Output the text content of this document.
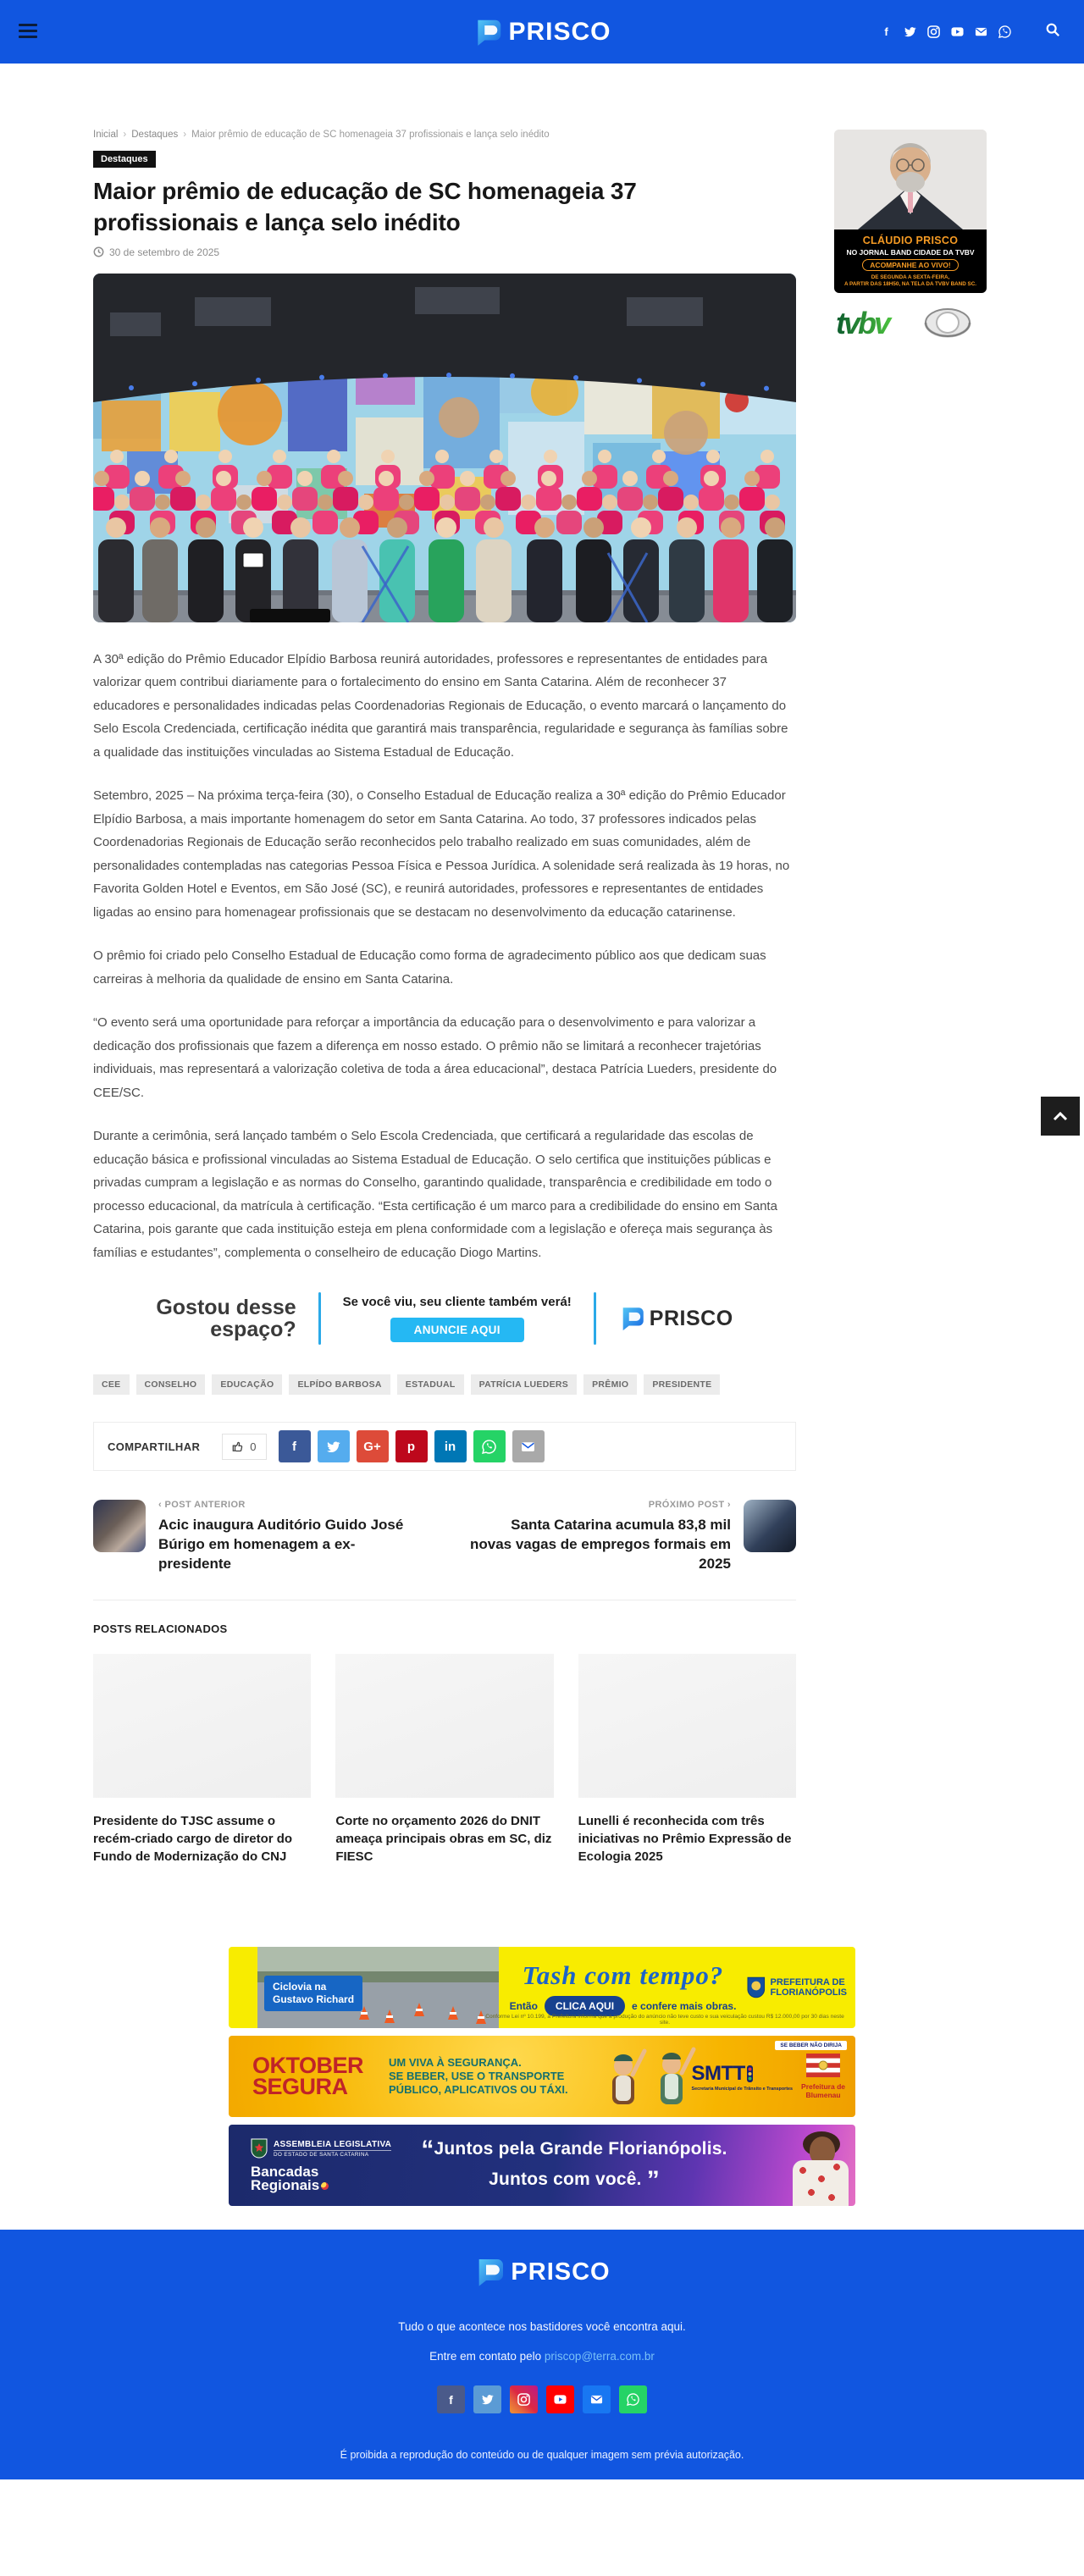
PRISCO	f
Inicial › Destaques › Maior prêmio de educação de SC homenageia 37 profissionais e lança selo inédito
Destaques
Maior prêmio de educação de SC homenageia 37 profissionais e lança selo inédito
30 de setembro de 2025

A 30ª edição do Prêmio Educador Elpídio Barbosa reunirá autoridades, professores e representantes de entidades para valorizar quem contribui diariamente para o fortalecimento do ensino em Santa Catarina. Além de reconhecer 37 educadores e personalidades indicadas pelas Coordenadorias Regionais de Educação, o evento marcará o lançamento do Selo Escola Credenciada, certificação inédita que garantirá mais transparência, regularidade e segurança às famílias sobre a qualidade das instituições vinculadas ao Sistema Estadual de Educação.

Setembro, 2025 – Na próxima terça-feira (30), o Conselho Estadual de Educação realiza a 30ª edição do Prêmio Educador Elpídio Barbosa, a mais importante homenagem do setor em Santa Catarina. Ao todo, 37 professores indicados pelas Coordenadorias Regionais de Educação serão reconhecidos pelo trabalho realizado em suas comunidades, além de personalidades contempladas nas categorias Pessoa Física e Pessoa Jurídica. A solenidade será realizada às 19 horas, no Favorita Golden Hotel e Eventos, em São José (SC), e reunirá autoridades, professores e representantes de entidades ligadas ao ensino para homenagear profissionais que se destacam no desenvolvimento da educação catarinense.

O prêmio foi criado pelo Conselho Estadual de Educação como forma de agradecimento público aos que dedicam suas carreiras à melhoria da qualidade de ensino em Santa Catarina.

“O evento será uma oportunidade para reforçar a importância da educação para o desenvolvimento e para valorizar a dedicação dos profissionais que fazem a diferença em nosso estado. O prêmio não se limitará a reconhecer trajetórias individuais, mas representará a valorização coletiva de toda a área educacional”, destaca Patrícia Lueders, presidente do CEE/SC.

Durante a cerimônia, será lançado também o Selo Escola Credenciada, que certificará a regularidade das escolas de educação básica e profissional vinculadas ao Sistema Estadual de Educação. O selo certifica que instituições públicas e privadas cumpram a legislação e as normas do Conselho, garantindo qualidade, transparência e credibilidade em todo o processo educacional, da matrícula à certificação. “Esta certificação é um marco para a credibilidade do ensino em Santa Catarina, pois garante que cada instituição esteja em plena conformidade com a legislação e ofereça mais segurança às famílias e estudantes”, complementa o conselheiro de educação Diogo Martins.

Gostou desse
espaço?
Se você viu, seu cliente também verá!
ANUNCIE AQUI	PRISCO
CEE	CONSELHO	EDUCAÇÃO	ELPÍDO BARBOSA	ESTADUAL	PATRÍCIA LUEDERS	PRÊMIO	PRESIDENTE
COMPARTILHAR	0	f	G+	p	in
‹ POST ANTERIOR
Acic inaugura Auditório Guido José Búrigo em homenagem a ex-presidente
PRÓXIMO POST ›
Santa Catarina acumula 83,8 mil novas vagas de empregos formais em 2025
POSTS RELACIONADOS
Presidente do TJSC assume o recém-criado cargo de diretor do Fundo de Modernização do CNJ
Corte no orçamento 2026 do DNIT ameaça principais obras em SC, diz FIESC
Lunelli é reconhecida com três iniciativas no Prêmio Expressão de Ecologia 2025
CLÁUDIO PRISCO
NO JORNAL BAND CIDADE DA TVBV
ACOMPANHE AO VIVO!
DE SEGUNDA A SEXTA-FEIRA,
A PARTIR DAS 18H50, NA TELA DA TVBV BAND SC.
tvbv
Ciclovia na
Gustavo Richard
Tash com tempo?
Então	CLICA AQUI	e confere mais obras.
PREFEITURA DE
FLORIANÓPOLIS
Conforme Lei nº 10.199, a Prefeitura informa que a produção do anúncio não teve custo e sua veiculação custou R$ 12.000,00 por 30 dias neste site.
OKTOBER
SEGURA
UM VIVA À SEGURANÇA.
SE BEBER, USE O TRANSPORTE
PÚBLICO, APLICATIVOS OU TÁXI.
SE BEBER NÃO DIRIJA
SMTT
Secretaria Municipal de Trânsito e Transportes Prefeitura de
Blumenau
ASSEMBLEIA LEGISLATIVA
DO ESTADO DE SANTA CATARINA
Bancadas
Regionais
“Juntos pela Grande Florianópolis.
Juntos com você. ”
PRISCO
Tudo o que acontece nos bastidores você encontra aqui.
Entre em contato pelo priscop@terra.com.br
f
É proibida a reprodução do conteúdo ou de qualquer imagem sem prévia autorização.
